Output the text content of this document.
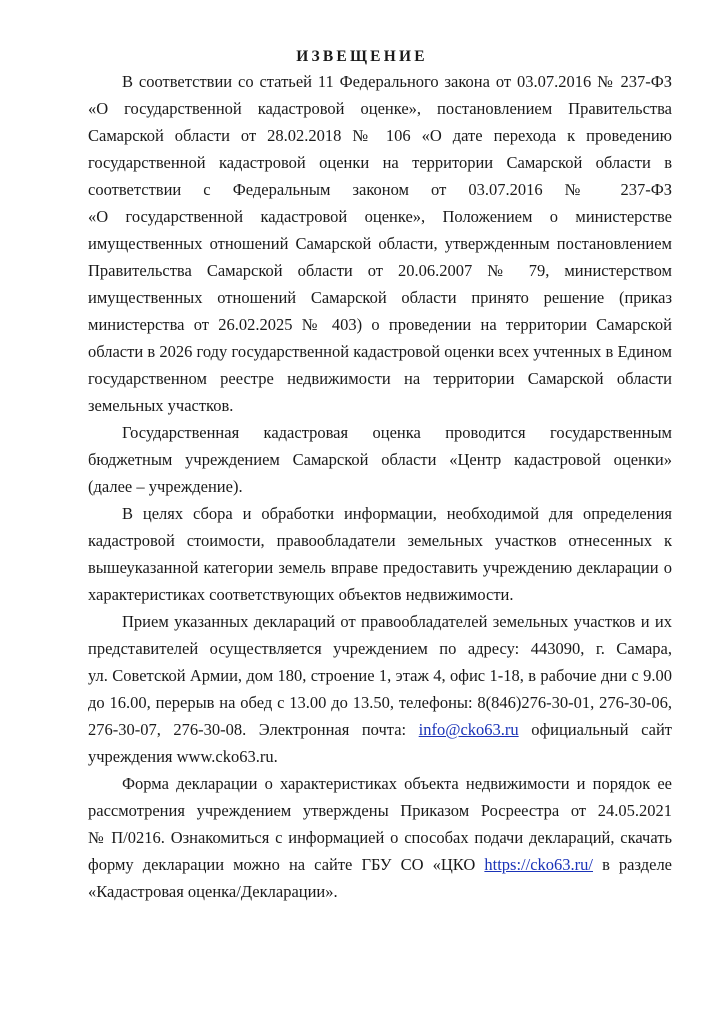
ИЗВЕЩЕНИЕ
В соответствии со статьей 11 Федерального закона от 03.07.2016 № 237-ФЗ
«О государственной кадастровой оценке», постановлением Правительства
Самарской области от 28.02.2018 № 106 «О дате перехода к проведению
государственной кадастровой оценки на территории Самарской области в
соответствии с Федеральным законом от 03.07.2016 № 237-ФЗ
«О государственной кадастровой оценке», Положением о министерстве
имущественных отношений Самарской области, утвержденным постановлением
Правительства Самарской области от 20.06.2007 № 79, министерством
имущественных отношений Самарской области принято решение (приказ
министерства от 26.02.2025 № 403) о проведении на территории Самарской
области в 2026 году государственной кадастровой оценки всех учтенных в Едином
государственном реестре недвижимости на территории Самарской области
земельных участков.
Государственная кадастровая оценка проводится государственным
бюджетным учреждением Самарской области «Центр кадастровой оценки»
(далее – учреждение).
В целях сбора и обработки информации, необходимой для определения
кадастровой стоимости, правообладатели земельных участков отнесенных к
вышеуказанной категории земель вправе предоставить учреждению декларации о
характеристиках соответствующих объектов недвижимости.
Прием указанных деклараций от правообладателей земельных участков и их
представителей осуществляется учреждением по адресу: 443090, г. Самара,
ул. Советской Армии, дом 180, строение 1, этаж 4, офис 1-18, в рабочие дни с 9.00
до 16.00, перерыв на обед с 13.00 до 13.50, телефоны: 8(846)276-30-01, 276-30-06,
276-30-07, 276-30-08. Электронная почта: info@cko63.ru официальный сайт
учреждения www.cko63.ru.
Форма декларации о характеристиках объекта недвижимости и порядок ее
рассмотрения учреждением утверждены Приказом Росреестра от 24.05.2021
№ П/0216. Ознакомиться с информацией о способах подачи деклараций, скачать
форму декларации можно на сайте ГБУ СО «ЦКО https://cko63.ru/ в разделе
«Кадастровая оценка/Декларации».
